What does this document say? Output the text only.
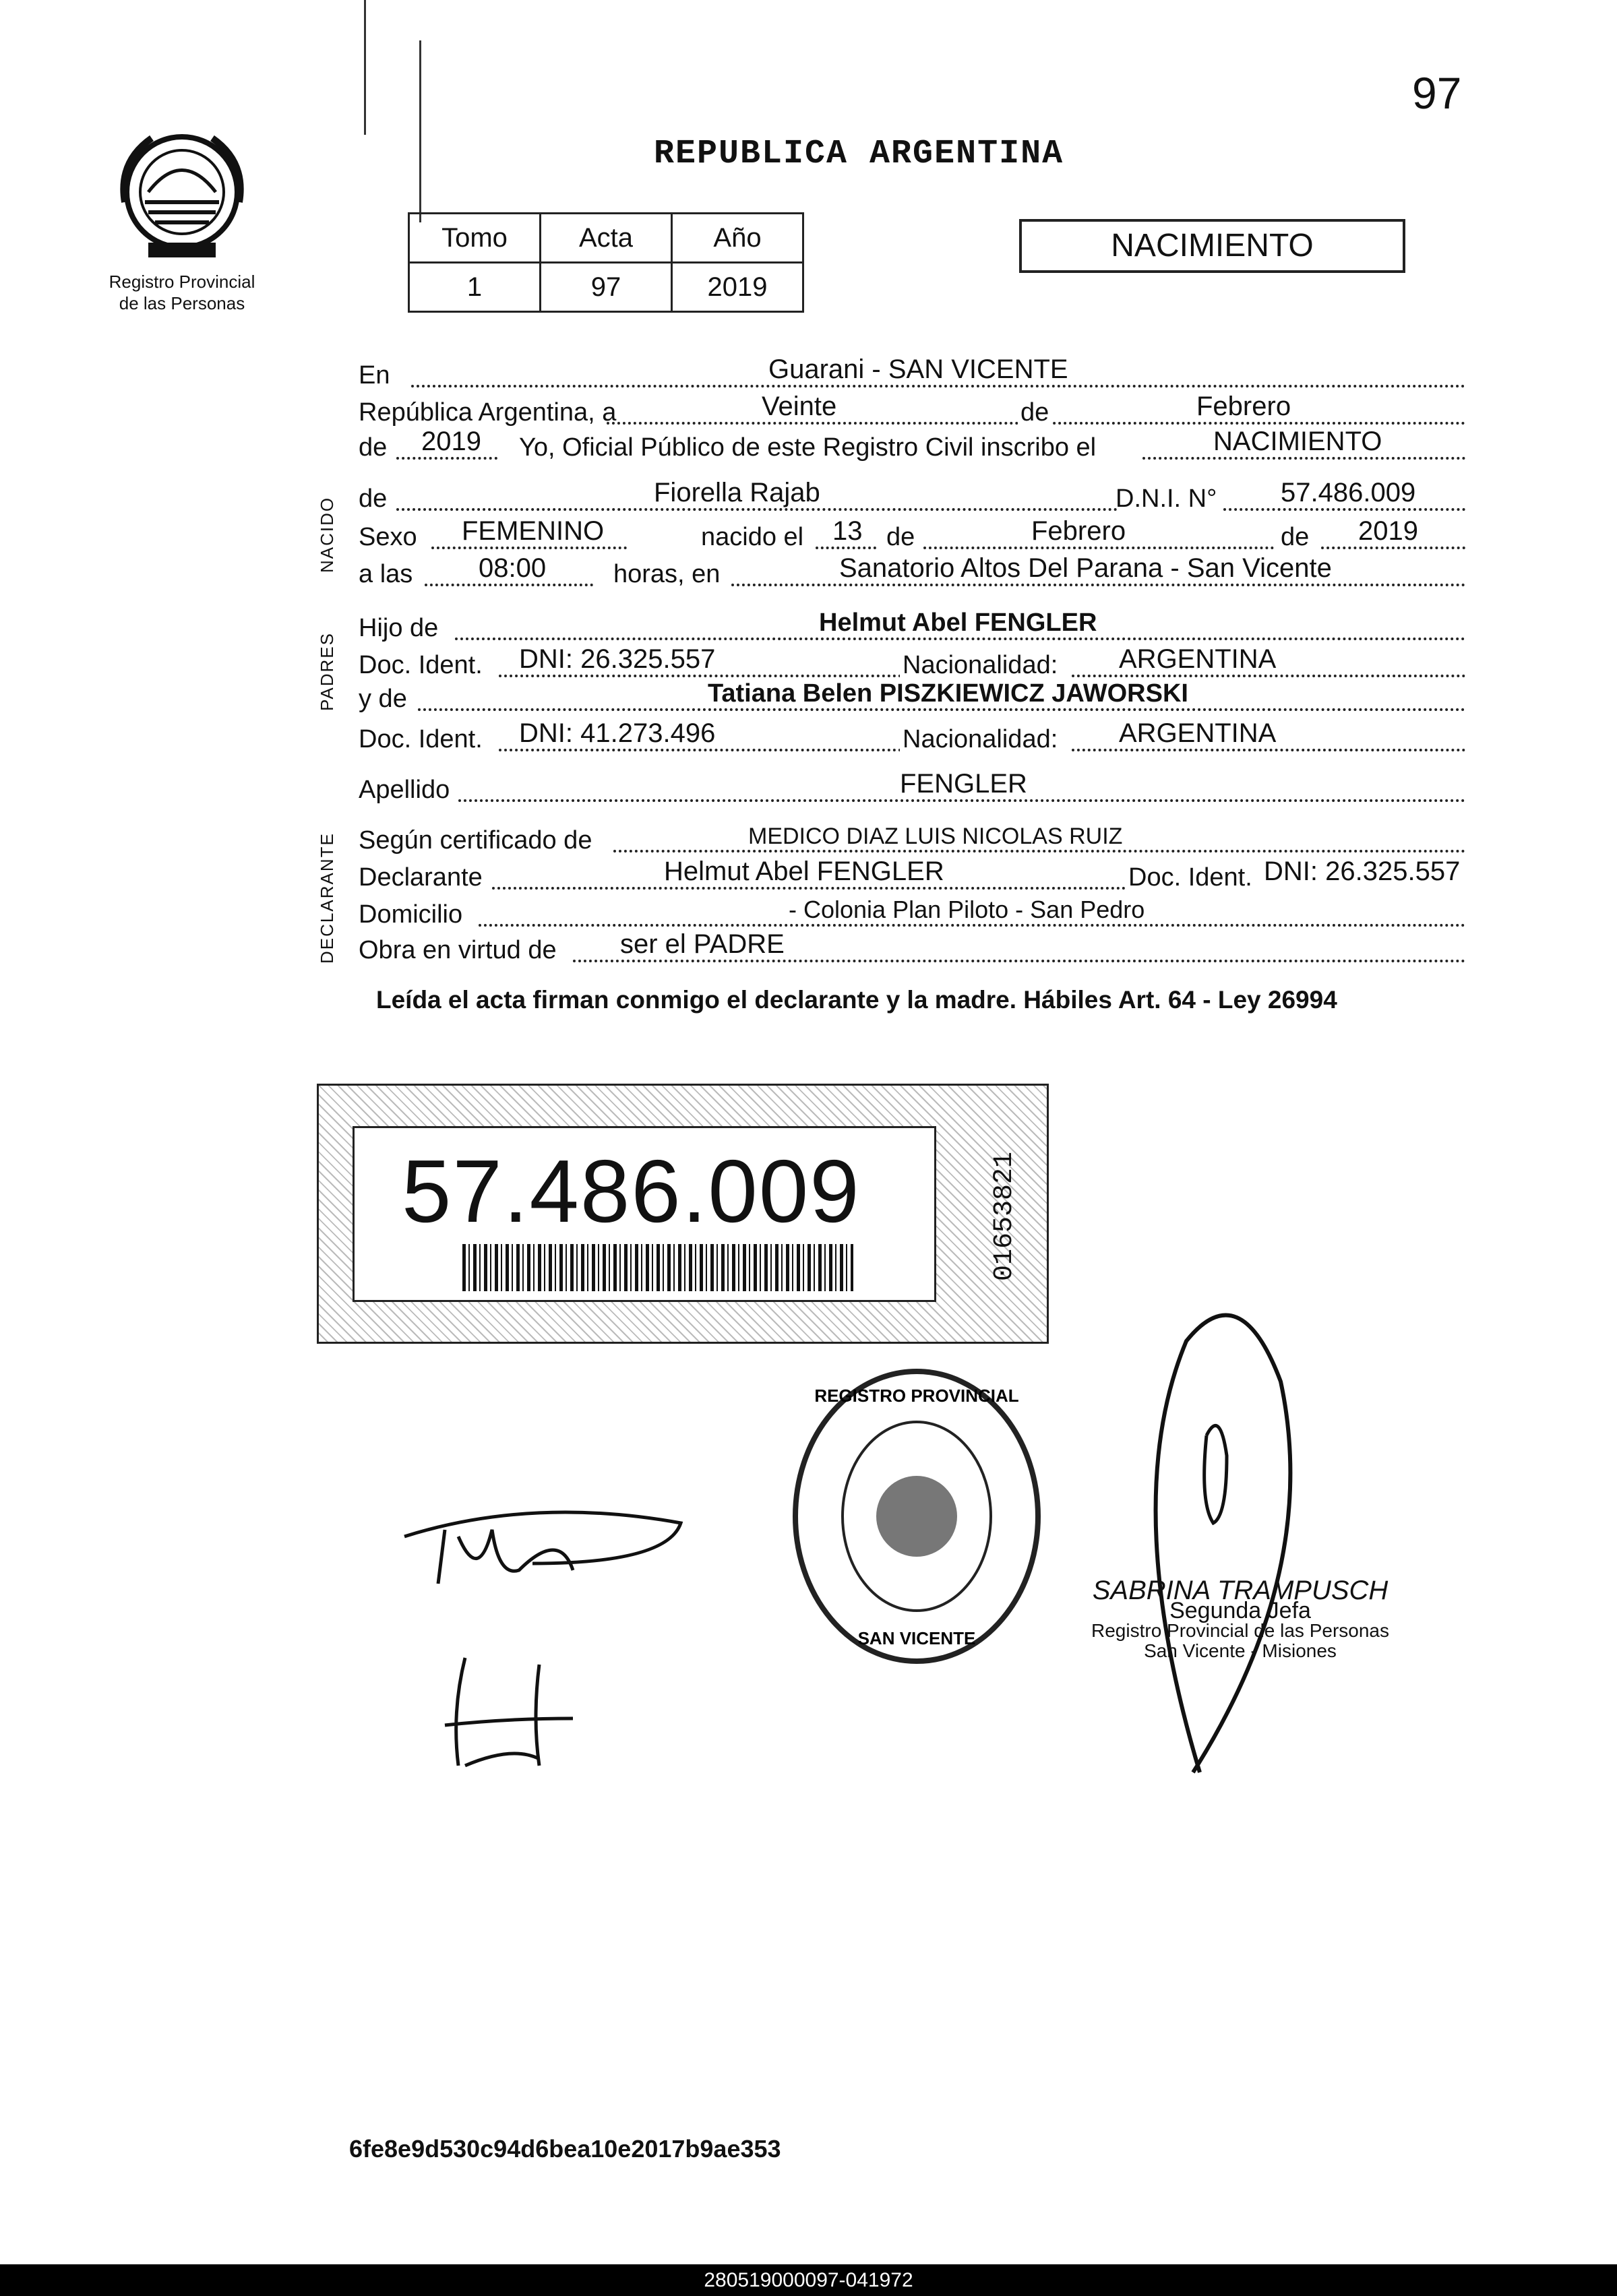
97
Registro Provincial
de las Personas
REPUBLICA ARGENTINA
Tomo	Acta	Año
1	97	2019
NACIMIENTO
NACIDO
PADRES
DECLARANTE
En	Guarani - SAN VICENTE
República Argentina, a	Veinte	de	Febrero
de 2019 Yo, Oficial Público de este Registro Civil inscribo el	NACIMIENTO
de	Fiorella Rajab	D.N.I. N° 57.486.009
Sexo FEMENINO	nacido el 13 de	Febrero	de 2019
a las 08:00	horas, en	Sanatorio Altos Del Parana - San Vicente
Hijo de	Helmut Abel FENGLER
Doc. Ident. DNI: 26.325.557	Nacionalidad: ARGENTINA
y de	Tatiana Belen PISZKIEWICZ JAWORSKI
Doc. Ident. DNI: 41.273.496	Nacionalidad: ARGENTINA
Apellido	FENGLER
Según certificado de	MEDICO DIAZ LUIS NICOLAS RUIZ
Declarante	Helmut Abel FENGLER	Doc. Ident. DNI: 26.325.557
Domicilio	- Colonia Plan Piloto - San Pedro
Obra en virtud de ser el PADRE
Leída el acta firman conmigo el declarante y la madre. Hábiles Art. 64 - Ley 26994
57.486.009	01653821
REGISTRO PROVINCIAL
SAN VICENTE
SABRINA TRAMPUSCH
Segunda Jefa
Registro Provincial de las Personas
San Vicente - Misiones
6fe8e9d530c94d6bea10e2017b9ae353
280519000097-041972
